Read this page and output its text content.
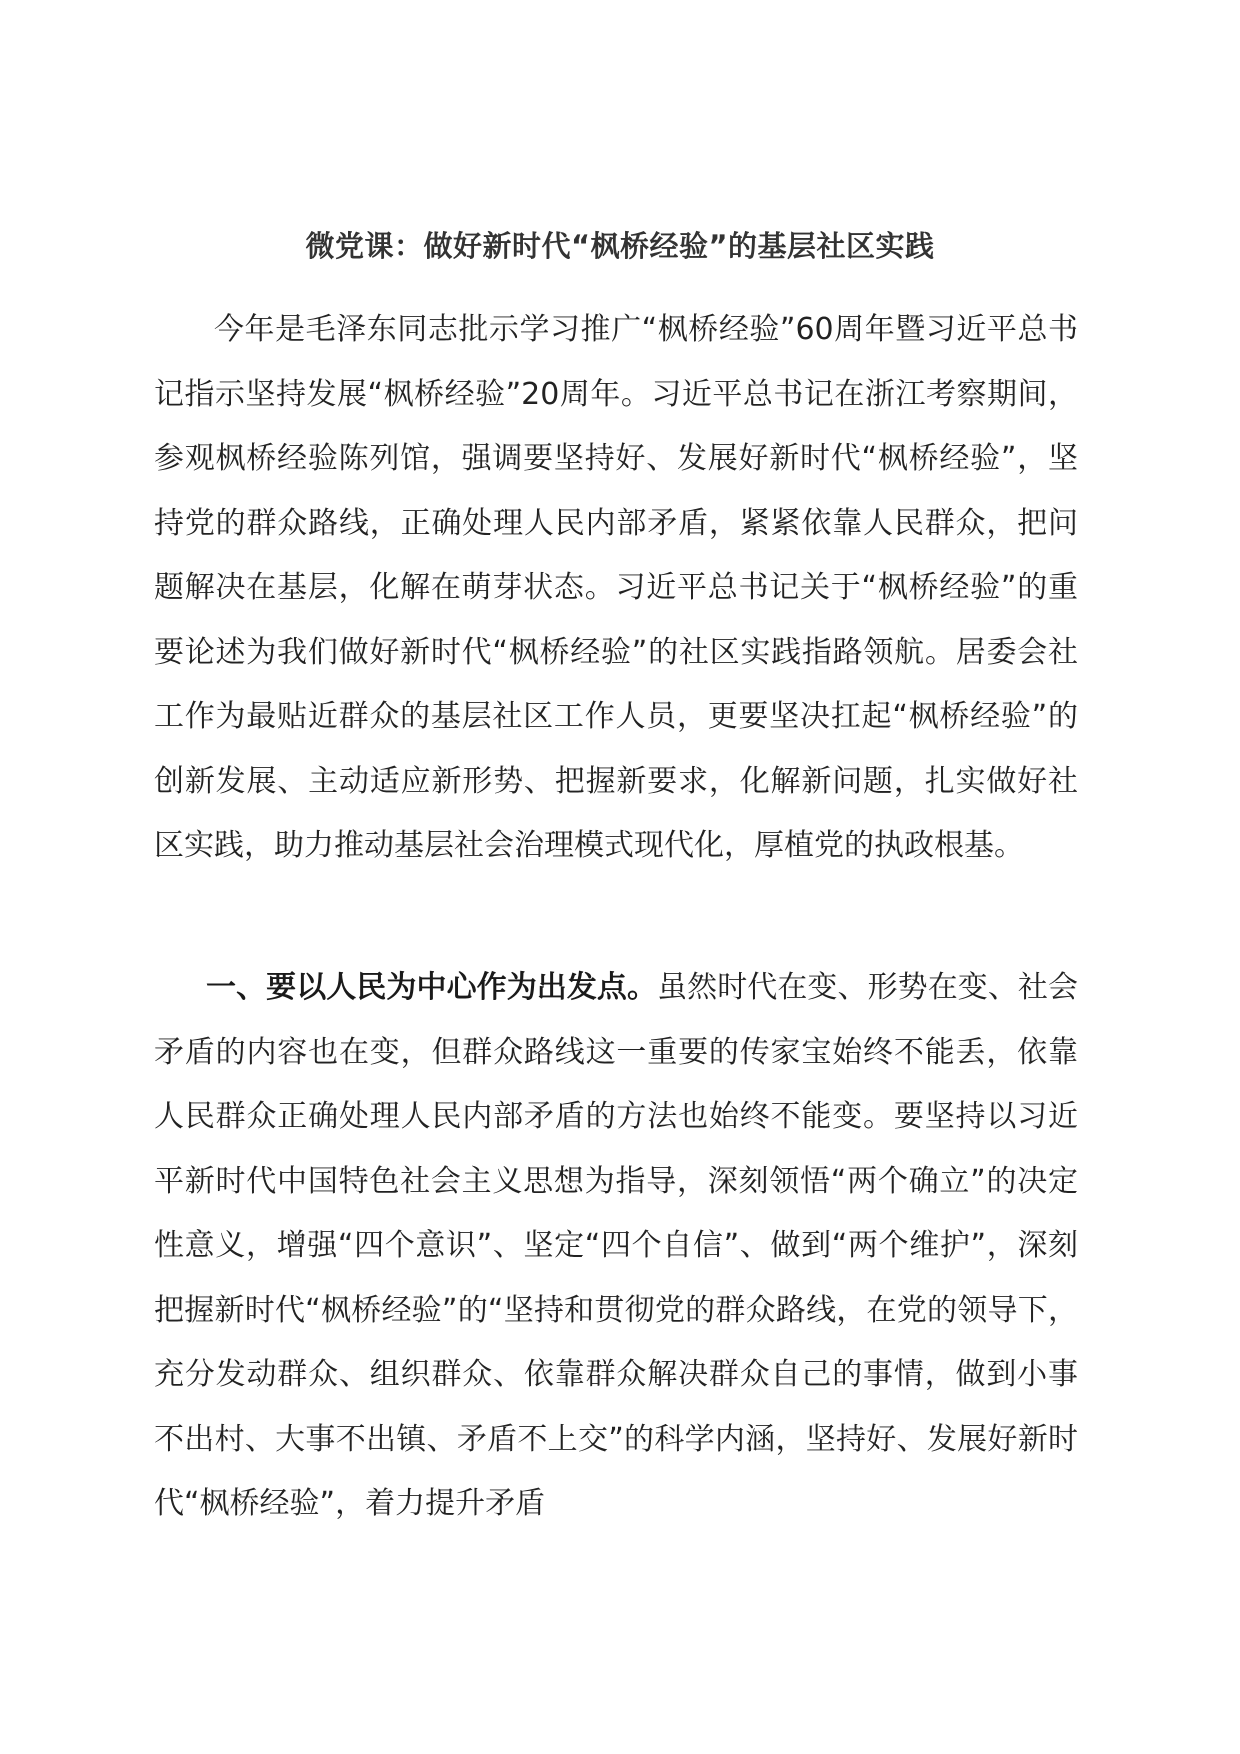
微党课：做好新时代“枫桥经验”的基层社区实践

今年是毛泽东同志批示学习推广“枫桥经验”60周年暨习近平总书记指示坚持发展“枫桥经验”20周年。习近平总书记在浙江考察期间，参观枫桥经验陈列馆，强调要坚持好、发展好新时代“枫桥经验”，坚持党的群众路线，正确处理人民内部矛盾，紧紧依靠人民群众，把问题解决在基层，化解在萌芽状态。习近平总书记关于“枫桥经验”的重要论述为我们做好新时代“枫桥经验”的社区实践指路领航。居委会社工作为最贴近群众的基层社区工作人员，更要坚决扛起“枫桥经验”的创新发展、主动适应新形势、把握新要求，化解新问题，扎实做好社区实践，助力推动基层社会治理模式现代化，厚植党的执政根基。

一、要以人民为中心作为出发点。虽然时代在变、形势在变、社会矛盾的内容也在变，但群众路线这一重要的传家宝始终不能丢，依靠人民群众正确处理人民内部矛盾的方法也始终不能变。要坚持以习近平新时代中国特色社会主义思想为指导，深刻领悟“两个确立”的决定性意义，增强“四个意识”、坚定“四个自信”、做到“两个维护”，深刻把握新时代“枫桥经验”的“坚持和贯彻党的群众路线，在党的领导下，充分发动群众、组织群众、依靠群众解决群众自己的事情，做到小事不出村、大事不出镇、矛盾不上交”的科学内涵，坚持好、发展好新时代“枫桥经验”，着力提升矛盾
